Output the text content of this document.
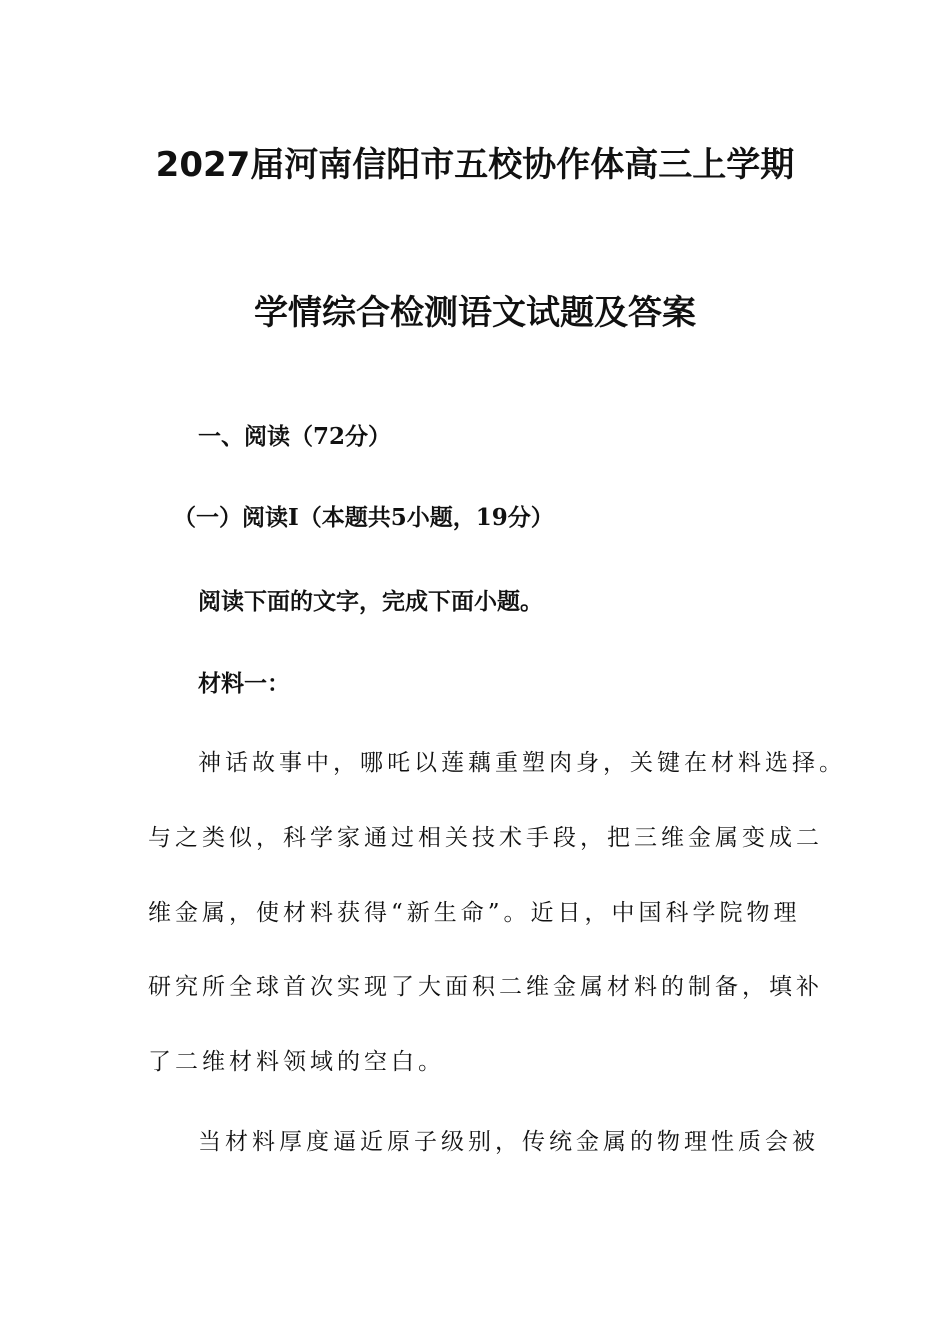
2027届河南信阳市五校协作体高三上学期
学情综合检测语文试题及答案
一、阅读（72分）
（一）阅读Ⅰ（本题共5小题，19分）
阅读下面的文字，完成下面小题。
材料一：
神话故事中，哪吒以莲藕重塑肉身，关键在材料选择。
与之类似，科学家通过相关技术手段，把三维金属变成二
维金属，使材料获得“新生命”。近日，中国科学院物理
研究所全球首次实现了大面积二维金属材料的制备，填补
了二维材料领域的空白。
当材料厚度逼近原子级别，传统金属的物理性质会被
